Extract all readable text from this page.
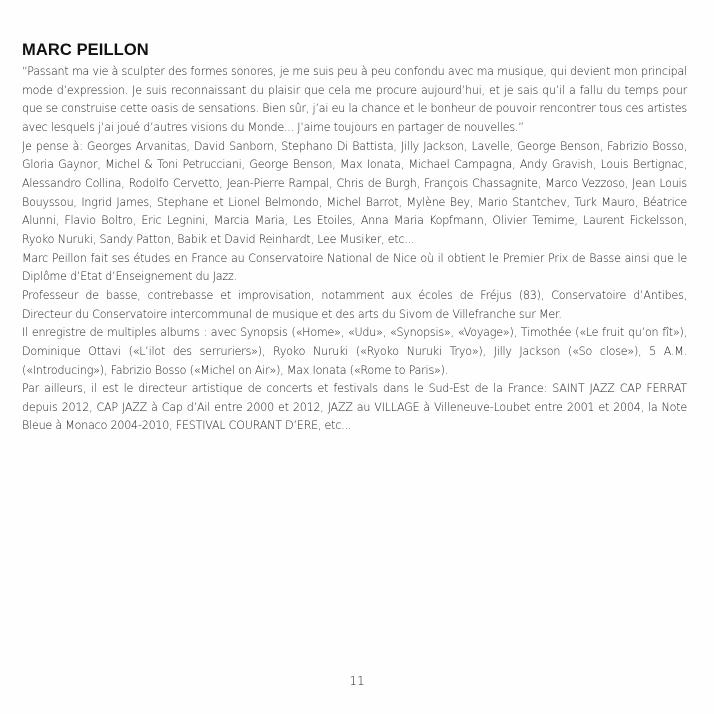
MARC PEILLON

“Passant ma vie à sculpter des formes sonores, je me suis peu à peu confondu avec ma musique, qui devient mon principal mode d’expression. Je suis reconnaissant du plaisir que cela me procure aujourd’hui, et je sais qu’il a fallu du temps pour que se construise cette oasis de sensations. Bien sûr, j’ai eu la chance et le bonheur de pouvoir rencontrer tous ces artistes avec lesquels j’ai joué d’autres visions du Monde... J’aime toujours en partager de nouvelles.”

Je pense à: Georges Arvanitas, David Sanborn, Stephano Di Battista, Jilly Jackson, Lavelle, George Benson, Fabrizio Bosso, Gloria Gaynor, Michel & Toni Petrucciani, George Benson, Max Ionata, Michael Campagna, Andy Gravish, Louis Bertignac, Alessandro Collina, Rodolfo Cervetto, Jean-Pierre Rampal, Chris de Burgh, François Chassagnite, Marco Vezzoso, Jean Louis Bouyssou, Ingrid James, Stephane et Lionel Belmondo, Michel Barrot, Mylène Bey, Mario Stantchev, Turk Mauro, Béatrice Alunni, Flavio Boltro, Eric Legnini, Marcia Maria, Les Etoiles, Anna Maria Kopfmann, Olivier Temime, Laurent Fickelsson, Ryoko Nuruki, Sandy Patton, Babik et David Reinhardt, Lee Musiker, etc...

Marc Peillon fait ses études en France au Conservatoire National de Nice où il obtient le Premier Prix de Basse ainsi que le Diplôme d’Etat d’Enseignement du Jazz.

Professeur de basse, contrebasse et improvisation, notamment aux écoles de Fréjus (83), Conservatoire d’Antibes, Directeur du Conservatoire intercommunal de musique et des arts du Sivom de Villefranche sur Mer.

Il enregistre de multiples albums : avec Synopsis («Home», «Udu», «Synopsis», «Voyage»), Timothée («Le fruit qu’on fît»), Dominique Ottavi («L’ilot des serruriers»), Ryoko Nuruki («Ryoko Nuruki Tryo»), Jilly Jackson («So close»), 5 A.M.(«Introducing»), Fabrizio Bosso («Michel on Air»), Max Ionata («Rome to Paris»).

Par ailleurs, il est le directeur artistique de concerts et festivals dans le Sud-Est de la France: SAINT JAZZ CAP FERRAT depuis 2012, CAP JAZZ à Cap d’Ail entre 2000 et 2012, JAZZ au VILLAGE à Villeneuve-Loubet entre 2001 et 2004, la Note Bleue à Monaco 2004-2010, FESTIVAL COURANT D’ERE, etc...

11
